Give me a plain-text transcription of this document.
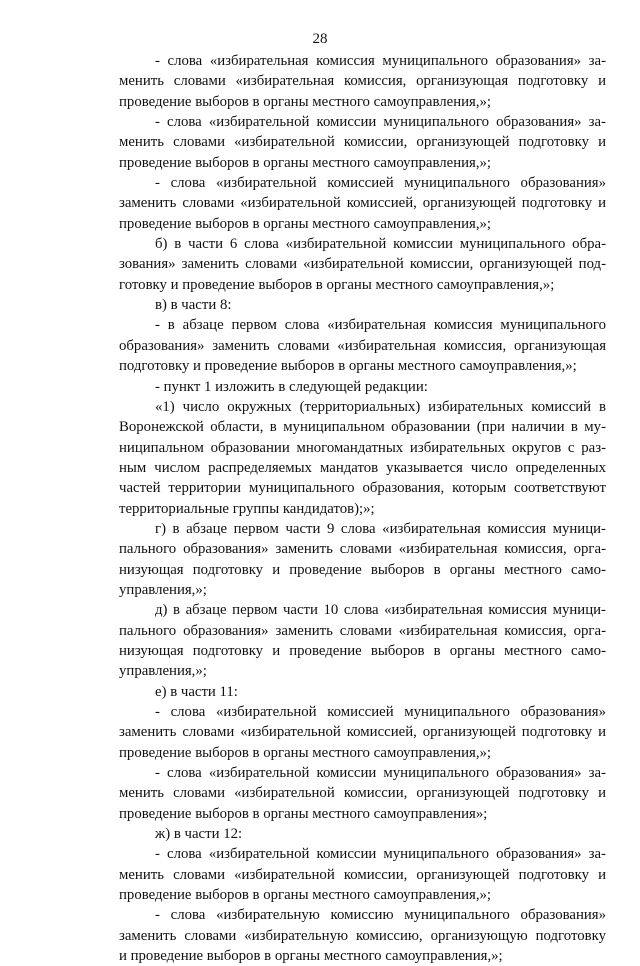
28
- слова «избирательная комиссия муниципального образования» за-
менить словами «избирательная комиссия, организующая подготовку и
проведение выборов в органы местного самоуправления,»;
- слова «избирательной комиссии муниципального образования» за-
менить словами «избирательной комиссии, организующей подготовку и
проведение выборов в органы местного самоуправления,»;
- слова «избирательной комиссией муниципального образования»
заменить словами «избирательной комиссией, организующей подготовку и
проведение выборов в органы местного самоуправления,»;
б) в части 6 слова «избирательной комиссии муниципального обра-
зования» заменить словами «избирательной комиссии, организующей под-
готовку и проведение выборов в органы местного самоуправления,»;
в) в части 8:
- в абзаце первом слова «избирательная комиссия муниципального
образования» заменить словами «избирательная комиссия, организующая
подготовку и проведение выборов в органы местного самоуправления,»;
- пункт 1 изложить в следующей редакции:
«1) число окружных (территориальных) избирательных комиссий в
Воронежской области, в муниципальном образовании (при наличии в му-
ниципальном образовании многомандатных избирательных округов с раз-
ным числом распределяемых мандатов указывается число определенных
частей территории муниципального образования, которым соответствуют
территориальные группы кандидатов);»;
г) в абзаце первом части 9 слова «избирательная комиссия муници-
пального образования» заменить словами «избирательная комиссия, орга-
низующая подготовку и проведение выборов в органы местного само-
управления,»;
д) в абзаце первом части 10 слова «избирательная комиссия муници-
пального образования» заменить словами «избирательная комиссия, орга-
низующая подготовку и проведение выборов в органы местного само-
управления,»;
е) в части 11:
- слова «избирательной комиссией муниципального образования»
заменить словами «избирательной комиссией, организующей подготовку и
проведение выборов в органы местного самоуправления,»;
- слова «избирательной комиссии муниципального образования» за-
менить словами «избирательной комиссии, организующей подготовку и
проведение выборов в органы местного самоуправления»;
ж) в части 12:
- слова «избирательной комиссии муниципального образования» за-
менить словами «избирательной комиссии, организующей подготовку и
проведение выборов в органы местного самоуправления,»;
- слова «избирательную комиссию муниципального образования»
заменить словами «избирательную комиссию, организующую подготовку
и проведение выборов в органы местного самоуправления,»;
